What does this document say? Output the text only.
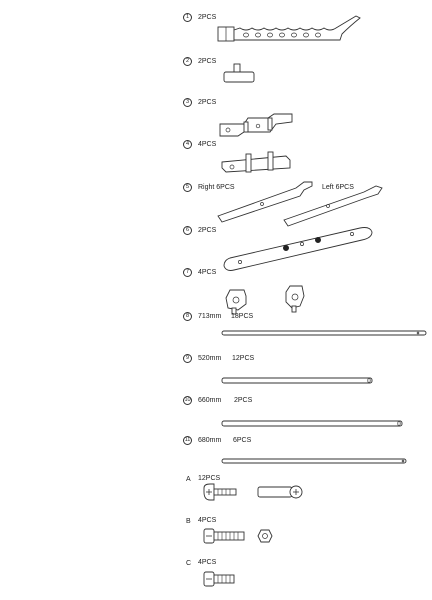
1	2PCS
2	2PCS
3	2PCS
4	4PCS
5	Right 6PCS	Left 6PCS
6	2PCS
7	4PCS
8	713mm 18PCS
9	520mm 12PCS
10 660mm 2PCS
11 680mm 6PCS
A 12PCS
B 4PCS
C 4PCS
